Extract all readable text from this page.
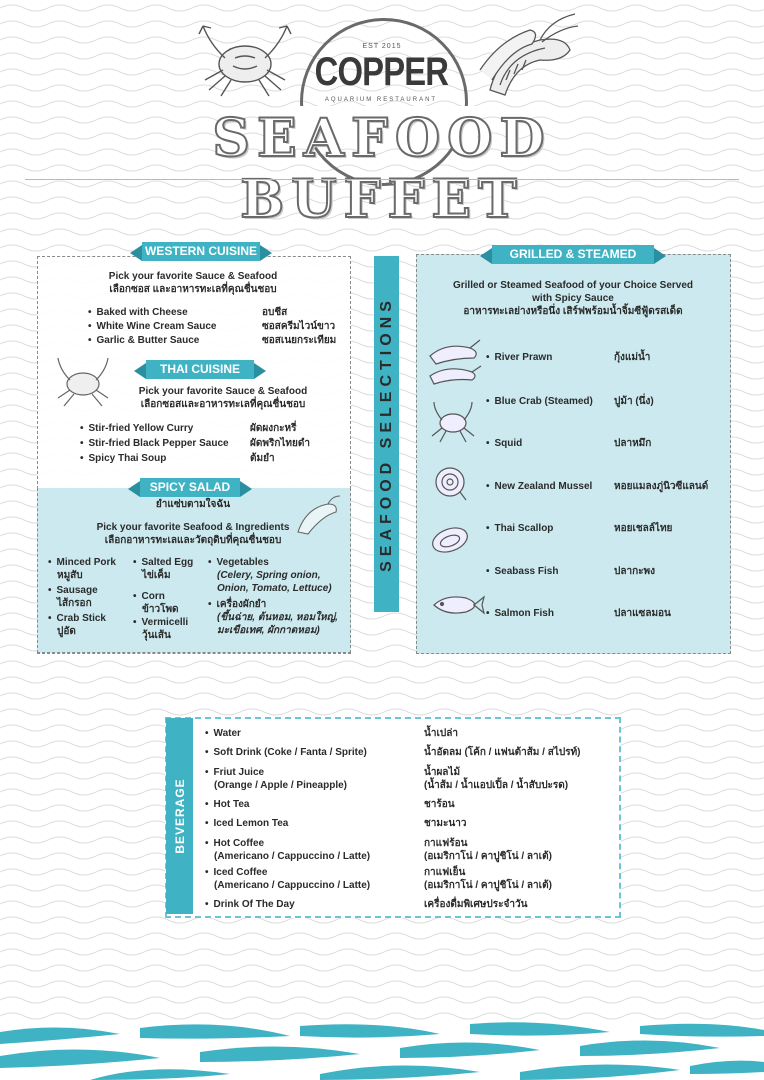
EST 2015
COPPER
AQUARIUM RESTAURANT
SEAFOOD BUFFET
WESTERN CUISINE
Pick your favorite Sauce & Seafood
เลือกซอส และอาหารทะเลที่คุณชื่นชอบ
• Baked with Cheese	อบชีส
• White Wine Cream Sauce	ซอสครีมไวน์ขาว
• Garlic & Butter Sauce	ซอสเนยกระเทียม
THAI CUISINE
Pick your favorite Sauce & Seafood
เลือกซอสและอาหารทะเลที่คุณชื่นชอบ
• Stir-fried Yellow Curry	ผัดผงกะหรี่
• Stir-fried Black Pepper Sauce ผัดพริกไทยดำ
• Spicy Thai Soup	ต้มยำ
SPICY SALAD
ยำแซ่บตามใจฉัน
Pick your favorite Seafood & Ingredients
เลือกอาหารทะเลและวัตถุดิบที่คุณชื่นชอบ
• Minced Pork
หมูสับ
• Sausage
ไส้กรอก
• Crab Stick
ปูอัด
• Salted Egg
ไข่เค็ม
• Corn
ข้าวโพด
• Vermicelli
วุ้นเส้น
• Vegetables
(Celery, Spring onion, Onion, Tomato, Lettuce)
• เครื่องผักยำ
(ขึ้นฉ่าย, ต้นหอม, หอมใหญ่, มะเขือเทศ, ผักกาดหอม)
SEAFOOD SELECTIONS
GRILLED & STEAMED
Grilled or Steamed Seafood of your Choice Served with Spicy Sauce
อาหารทะเลย่างหรือนึ่ง เสิร์ฟพร้อมน้ำจิ้มซีฟู้ดรสเด็ด
• River Prawn	กุ้งแม่น้ำ
• Blue Crab (Steamed) ปูม้า (นึ่ง)
• Squid	ปลาหมึก
• New Zealand Mussel หอยแมลงภู่นิวซีแลนด์
• Thai Scallop	หอยเชลล์ไทย
• Seabass Fish	ปลากะพง
• Salmon Fish	ปลาแซลมอน
BEVERAGE
• Water	น้ำเปล่า
• Soft Drink (Coke / Fanta / Sprite)	น้ำอัดลม (โค้ก / แฟนต้าส้ม / สไปรท์)
• Friut Juice
(Orange / Apple / Pineapple)
น้ำผลไม้
(น้ำส้ม / น้ำแอปเปิ้ล / น้ำสับปะรด)
• Hot Tea	ชาร้อน
• Iced Lemon Tea	ชามะนาว
• Hot Coffee
(Americano / Cappuccino / Latte)
กาแฟร้อน
(อเมริกาโน่ / คาปูชิโน่ / ลาเต้)
• Iced Coffee
(Americano / Cappuccino / Latte)
กาแฟเย็น
(อเมริกาโน่ / คาปูชิโน่ / ลาเต้)
• Drink Of The Day	เครื่องดื่มพิเศษประจำวัน
